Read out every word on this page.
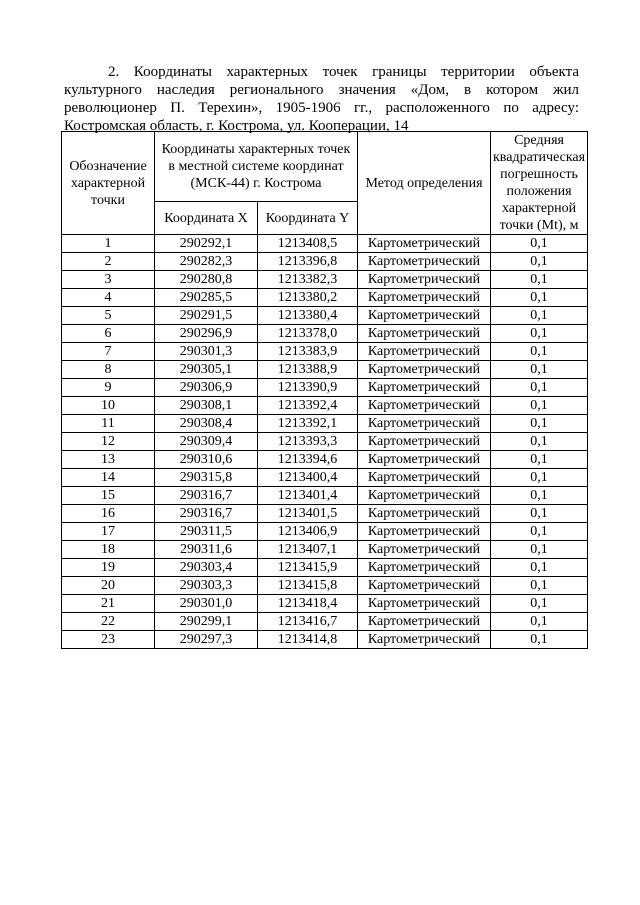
2. Координаты характерных точек границы территории объекта
культурного наследия регионального значения «Дом, в котором жил
революционер П. Терехин», 1905-1906 гг., расположенного по адресу:
Костромская область, г. Кострома, ул. Кооперации, 14
Обозначение характерной точки	Координаты характерных точек в местной системе координат (МСК-44) г. Кострома		Метод определения	Средняя квадратическая погрешность положения характерной точки (Mt), м
	Координата X	Координата Y		
1	290292,1	1213408,5	Картометрический	0,1
2	290282,3	1213396,8	Картометрический	0,1
3	290280,8	1213382,3	Картометрический	0,1
4	290285,5	1213380,2	Картометрический	0,1
5	290291,5	1213380,4	Картометрический	0,1
6	290296,9	1213378,0	Картометрический	0,1
7	290301,3	1213383,9	Картометрический	0,1
8	290305,1	1213388,9	Картометрический	0,1
9	290306,9	1213390,9	Картометрический	0,1
10	290308,1	1213392,4	Картометрический	0,1
11	290308,4	1213392,1	Картометрический	0,1
12	290309,4	1213393,3	Картометрический	0,1
13	290310,6	1213394,6	Картометрический	0,1
14	290315,8	1213400,4	Картометрический	0,1
15	290316,7	1213401,4	Картометрический	0,1
16	290316,7	1213401,5	Картометрический	0,1
17	290311,5	1213406,9	Картометрический	0,1
18	290311,6	1213407,1	Картометрический	0,1
19	290303,4	1213415,9	Картометрический	0,1
20	290303,3	1213415,8	Картометрический	0,1
21	290301,0	1213418,4	Картометрический	0,1
22	290299,1	1213416,7	Картометрический	0,1
23	290297,3	1213414,8	Картометрический	0,1
